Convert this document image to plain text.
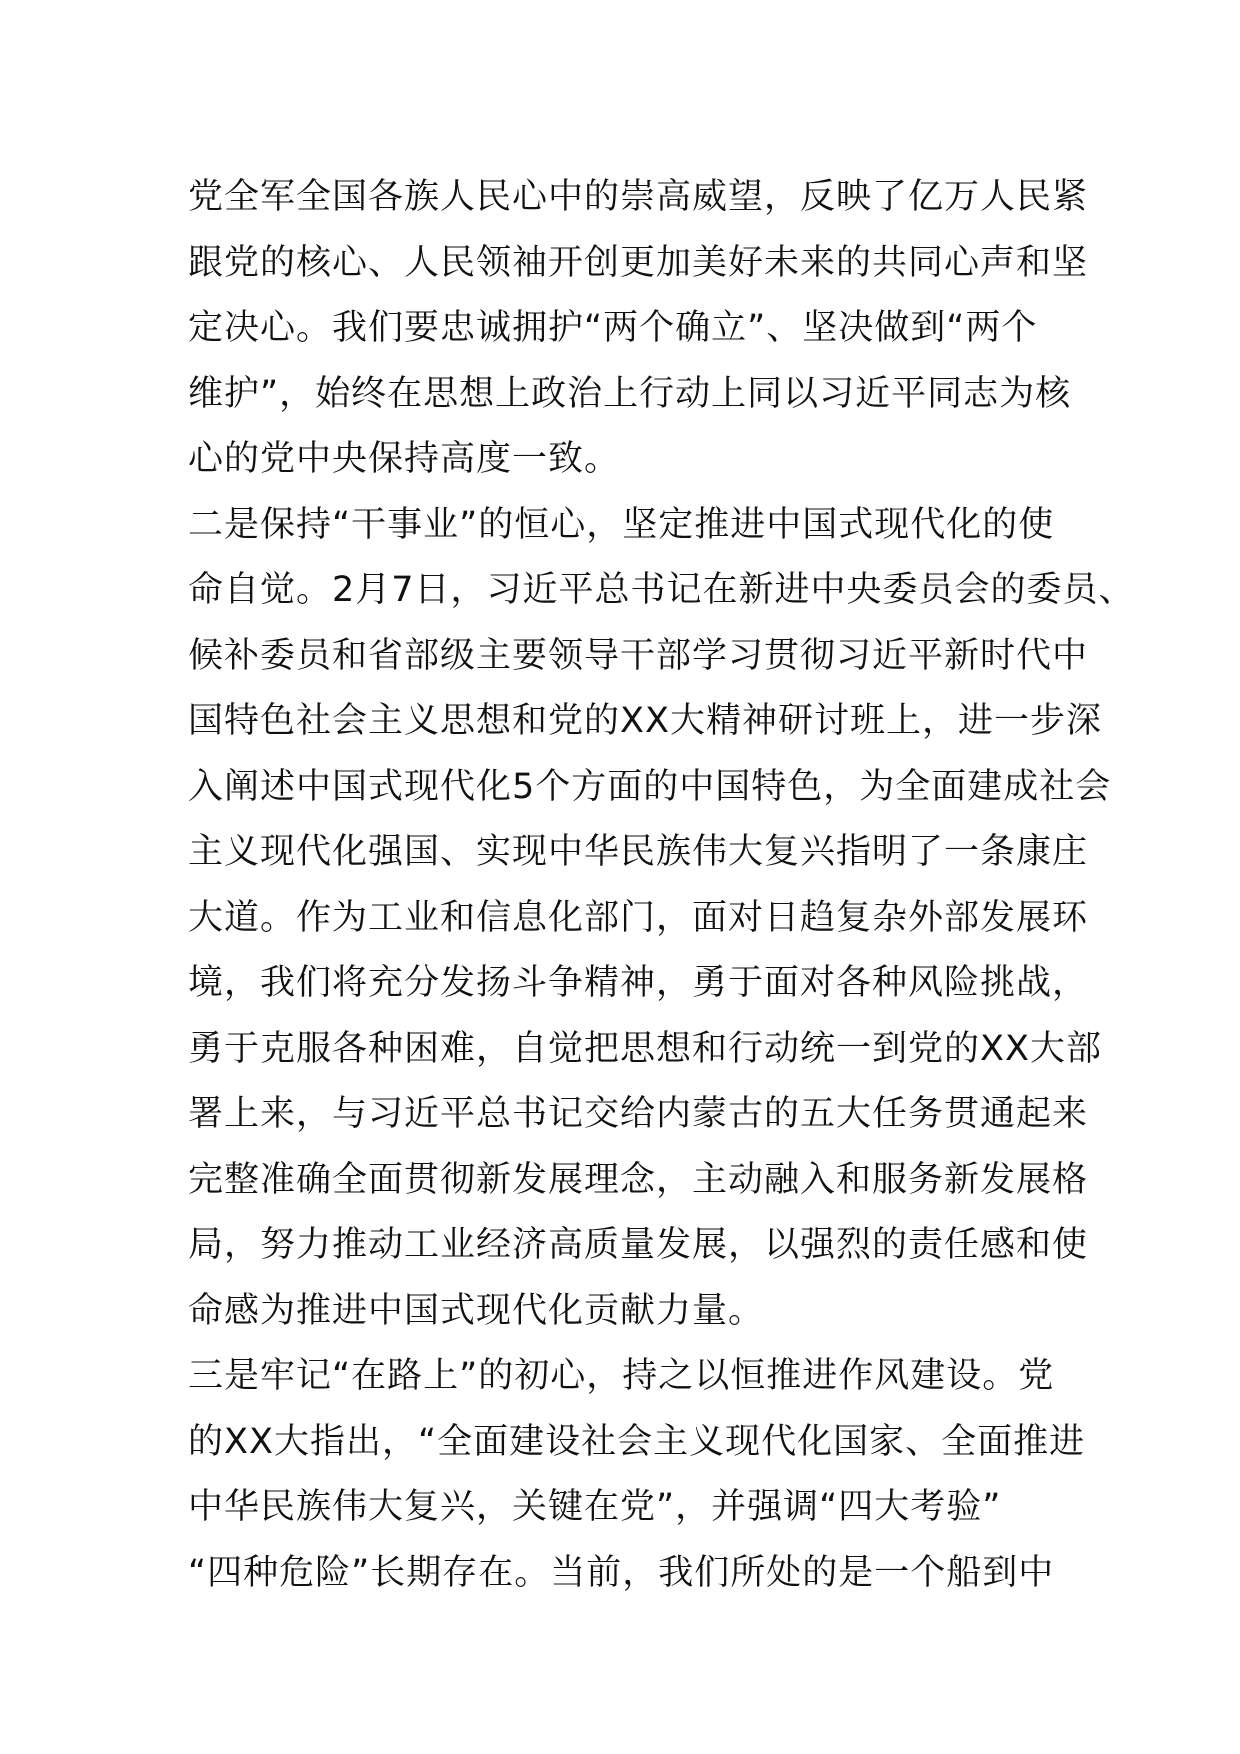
党全军全国各族人民心中的崇高威望，反映了亿万人民紧
跟党的核心、人民领袖开创更加美好未来的共同心声和坚
定决心。我们要忠诚拥护“两个确立”、坚决做到“两个
维护”，始终在思想上政治上行动上同以习近平同志为核
心的党中央保持高度一致。
二是保持“干事业”的恒心，坚定推进中国式现代化的使
命自觉。2月7日，习近平总书记在新进中央委员会的委员、
候补委员和省部级主要领导干部学习贯彻习近平新时代中
国特色社会主义思想和党的XX大精神研讨班上，进一步深
入阐述中国式现代化5个方面的中国特色，为全面建成社会
主义现代化强国、实现中华民族伟大复兴指明了一条康庄
大道。作为工业和信息化部门，面对日趋复杂外部发展环
境，我们将充分发扬斗争精神，勇于面对各种风险挑战，
勇于克服各种困难，自觉把思想和行动统一到党的XX大部
署上来，与习近平总书记交给内蒙古的五大任务贯通起来
完整准确全面贯彻新发展理念，主动融入和服务新发展格
局，努力推动工业经济高质量发展，以强烈的责任感和使
命感为推进中国式现代化贡献力量。
三是牢记“在路上”的初心，持之以恒推进作风建设。党
的XX大指出，“全面建设社会主义现代化国家、全面推进
中华民族伟大复兴，关键在党”，并强调“四大考验”
“四种危险”长期存在。当前，我们所处的是一个船到中
